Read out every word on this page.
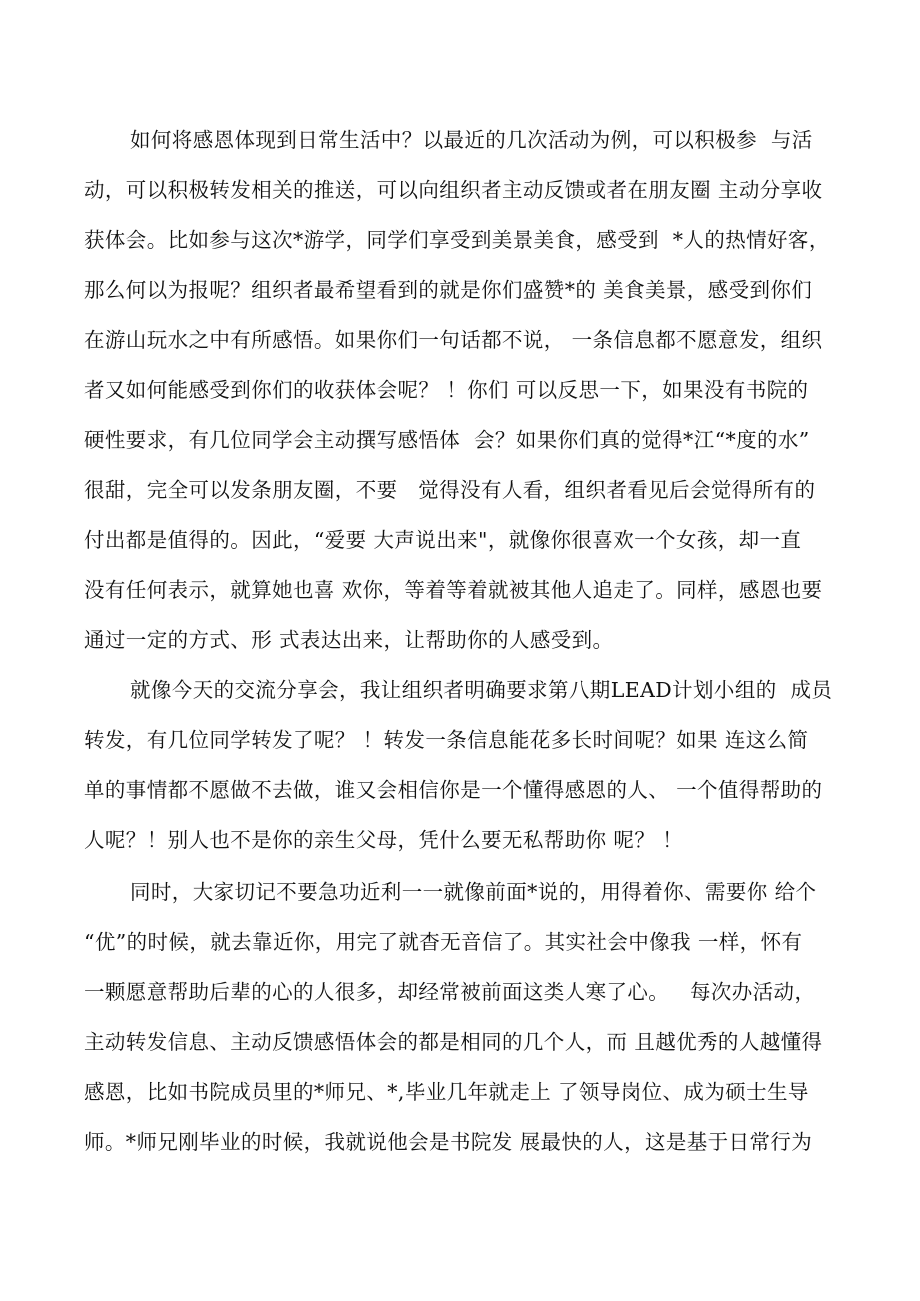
如何将感恩体现到日常生活中？以最近的几次活动为例，可以积极参  与活
动，可以积极转发相关的推送，可以向组织者主动反馈或者在朋友圈 主动分享收
获体会。比如参与这次*游学，同学们享受到美景美食，感受到  *人的热情好客，
那么何以为报呢？组织者最希望看到的就是你们盛赞*的 美食美景，感受到你们
在游山玩水之中有所感悟。如果你们一句话都不说， 一条信息都不愿意发，组织
者又如何能感受到你们的收获体会呢？ ！你们 可以反思一下，如果没有书院的
硬性要求，有几位同学会主动撰写感悟体  会？如果你们真的觉得*江“*度的水”
很甜，完全可以发条朋友圈，不要   觉得没有人看，组织者看见后会觉得所有的
付出都是值得的。因此，“爱要 大声说出来"，就像你很喜欢一个女孩，却一直
没有任何表示，就算她也喜 欢你，等着等着就被其他人追走了。同样，感恩也要
通过一定的方式、形 式表达出来，让帮助你的人感受到。
就像今天的交流分享会，我让组织者明确要求第八期LEAD计划小组的  成员
转发，有几位同学转发了呢？ ！转发一条信息能花多长时间呢？如果 连这么简
单的事情都不愿做不去做，谁又会相信你是一个懂得感恩的人、 一个值得帮助的
人呢？！别人也不是你的亲生父母，凭什么要无私帮助你 呢？ ！
同时，大家切记不要急功近利一一就像前面*说的，用得着你、需要你 给个
“优”的时候，就去靠近你，用完了就杳无音信了。其实社会中像我 一样，怀有
一颗愿意帮助后辈的心的人很多，却经常被前面这类人寒了心。   每次办活动，
主动转发信息、主动反馈感悟体会的都是相同的几个人，而 且越优秀的人越懂得
感恩，比如书院成员里的*师兄、*,毕业几年就走上 了领导岗位、成为硕士生导
师。*师兄刚毕业的时候，我就说他会是书院发 展最快的人，这是基于日常行为
